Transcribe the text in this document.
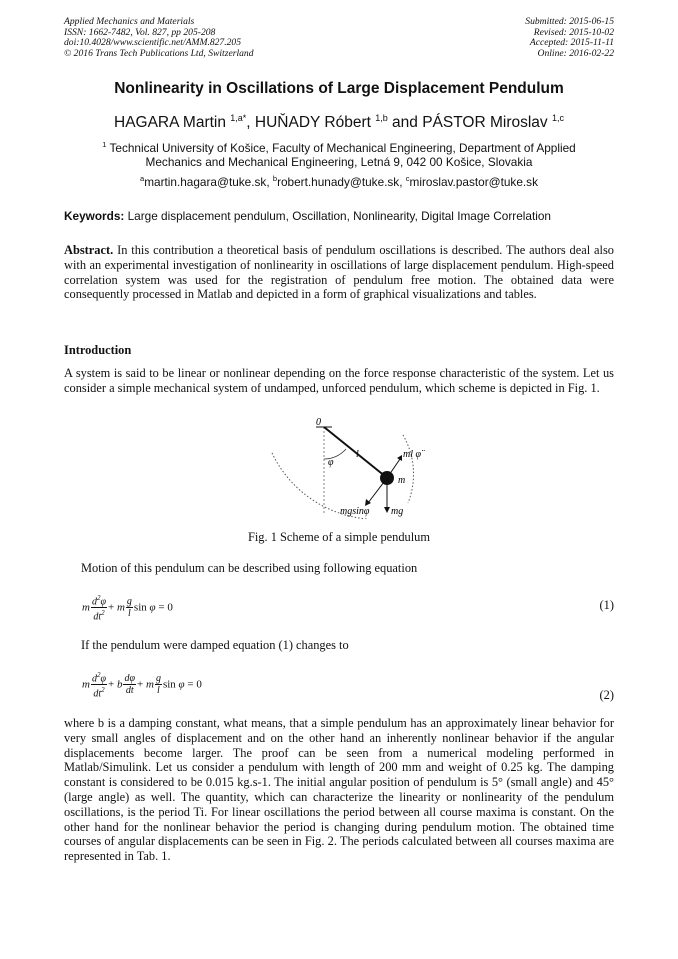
Applied Mechanics and Materials
ISSN: 1662-7482, Vol. 827, pp 205-208
doi:10.4028/www.scientific.net/AMM.827.205
© 2016 Trans Tech Publications Ltd, Switzerland
Submitted: 2015-06-15
Revised: 2015-10-02
Accepted: 2015-11-11
Online: 2016-02-22
Nonlinearity in Oscillations of Large Displacement Pendulum
HAGARA Martin $^{1,a*}$, HUŇADY Róbert $^{1,b}$ and PÁSTOR Miroslav $^{1,c}$
$^1$ Technical University of Košice, Faculty of Mechanical Engineering, Department of Applied
Mechanics and Mechanical Engineering, Letná 9, 042 00 Košice, Slovakia
$^a$martin.hagara@tuke.sk, $^b$robert.hunady@tuke.sk, $^c$miroslav.pastor@tuke.sk
Keywords: Large displacement pendulum, Oscillation, Nonlinearity, Digital Image Correlation
Abstract. In this contribution a theoretical basis of pendulum oscillations is described. The authors deal also with an experimental investigation of nonlinearity in oscillations of large displacement pendulum. High-speed correlation system was used for the registration of pendulum free motion. The obtained data were consequently processed in Matlab and depicted in a form of graphical visualizations and tables.
Introduction
A system is said to be linear or nonlinear depending on the force response characteristic of the system. Let us consider a simple mechanical system of undamped, unforced pendulum, which scheme is depicted in Fig. 1.
0
l
φ
ml φ̈
m
mgsinφ mg
Fig. 1 Scheme of a simple pendulum
Motion of this pendulum can be described using following equation
m $\frac{d^2\varphi}{dt^2} + m \frac{g}{l}$ sin φ = 0	(1)
If the pendulum were damped equation (1) changes to
m $\frac{d^2\varphi}{dt^2} + b \frac{d\varphi}{dt} + m \frac{g}{l}$ sin φ = 0
(2)
where b is a damping constant, what means, that a simple pendulum has an approximately linear behavior for very small angles of displacement and on the other hand an inherently nonlinear behavior if the angular displacements become larger. The proof can be seen from a numerical modeling performed in Matlab/Simulink. Let us consider a pendulum with length of 200 mm and weight of 0.25 kg. The damping constant is considered to be 0.015 kg.s-1. The initial angular position of pendulum is 5° (small angle) and 45° (large angle) as well. The quantity, which can characterize the linearity or nonlinearity of the pendulum oscillations, is the period Ti. For linear oscillations the period between all course maxima is constant. On the other hand for the nonlinear behavior the period is changing during pendulum motion. The obtained time courses of angular displacements can be seen in Fig. 2. The periods calculated between all courses maxima are represented in Tab. 1.
